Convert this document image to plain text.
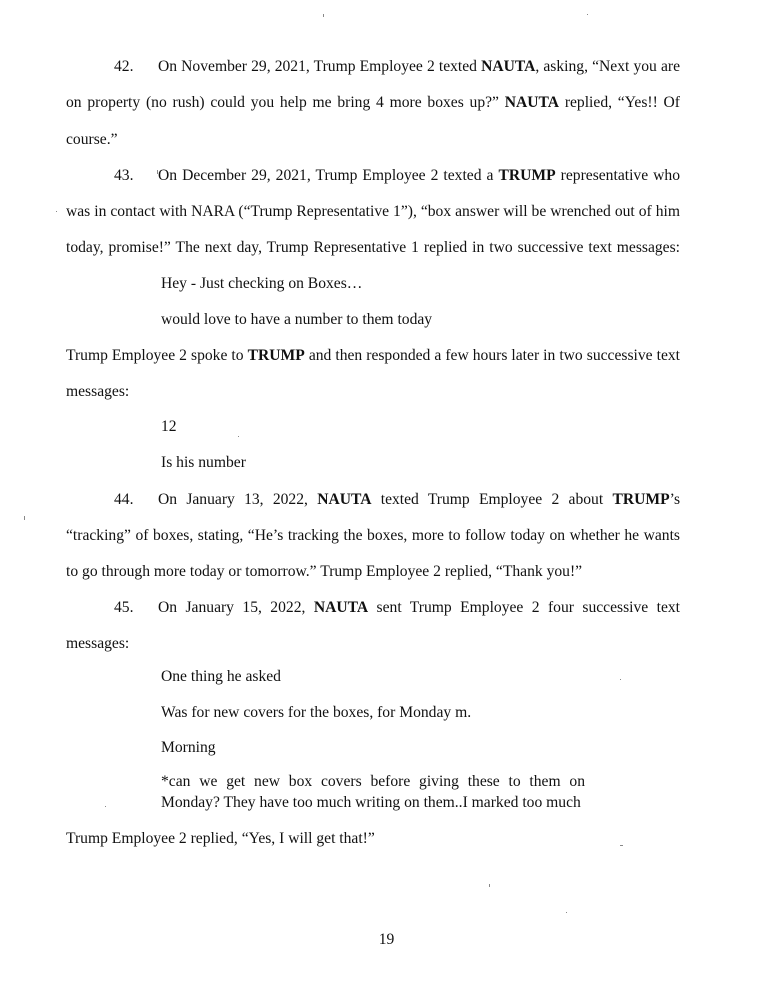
42. On November 29, 2021, Trump Employee 2 texted NAUTA, asking, “Next you are

on property (no rush) could you help me bring 4 more boxes up?” NAUTA replied, “Yes!! Of

course.”

43. On December 29, 2021, Trump Employee 2 texted a TRUMP representative who

was in contact with NARA (“Trump Representative 1”), “box answer will be wrenched out of him

today, promise!” The next day, Trump Representative 1 replied in two successive text messages:

Hey - Just checking on Boxes…

would love to have a number to them today

Trump Employee 2 spoke to TRUMP and then responded a few hours later in two successive text

messages:

12

Is his number

44. On January 13, 2022, NAUTA texted Trump Employee 2 about TRUMP’s

“tracking” of boxes, stating, “He’s tracking the boxes, more to follow today on whether he wants

to go through more today or tomorrow.” Trump Employee 2 replied, “Thank you!”

45. On January 15, 2022, NAUTA sent Trump Employee 2 four successive text

messages:

One thing he asked

Was for new covers for the boxes, for Monday m.

Morning

*can we get new box covers before giving these to them on Monday? They have too much writing on them..I marked too much

Trump Employee 2 replied, “Yes, I will get that!”

19
